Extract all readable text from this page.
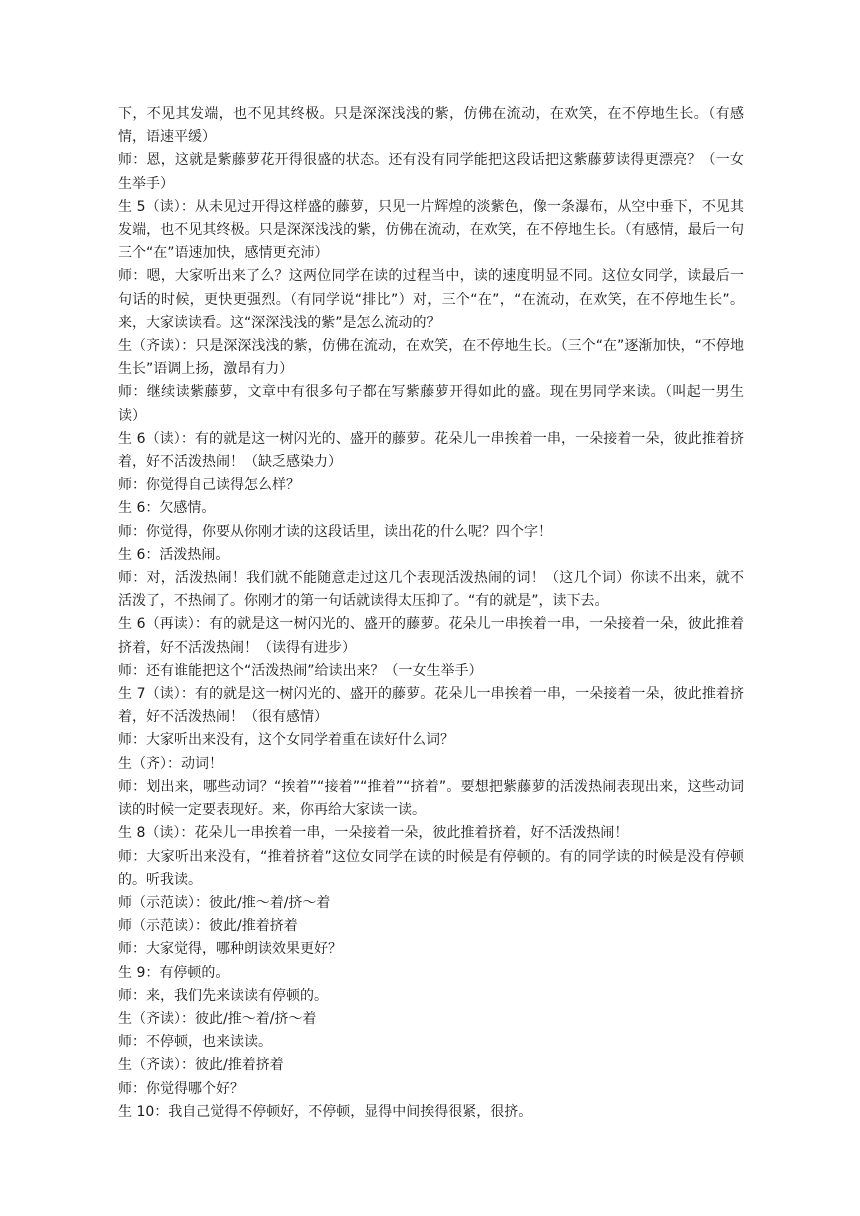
下，不见其发端，也不见其终极。只是深深浅浅的紫，仿佛在流动，在欢笑，在不停地生长。（有感情，语速平缓）

师：恩，这就是紫藤萝花开得很盛的状态。还有没有同学能把这段话把这紫藤萝读得更漂亮？（一女生举手）

生 5（读）：从未见过开得这样盛的藤萝，只见一片辉煌的淡紫色，像一条瀑布，从空中垂下，不见其发端，也不见其终极。只是深深浅浅的紫，仿佛在流动，在欢笑，在不停地生长。（有感情，最后一句三个“在”语速加快，感情更充沛）

师：嗯，大家听出来了么？这两位同学在读的过程当中，读的速度明显不同。这位女同学，读最后一句话的时候，更快更强烈。（有同学说“排比”）对，三个“在”，“在流动，在欢笑，在不停地生长”。来，大家读读看。这“深深浅浅的紫”是怎么流动的？

生（齐读）：只是深深浅浅的紫，仿佛在流动，在欢笑，在不停地生长。（三个“在”逐渐加快，“不停地生长”语调上扬，激昂有力）

师：继续读紫藤萝，文章中有很多句子都在写紫藤萝开得如此的盛。现在男同学来读。（叫起一男生读）

生 6（读）：有的就是这一树闪光的、盛开的藤萝。花朵儿一串挨着一串，一朵接着一朵，彼此推着挤着，好不活泼热闹！（缺乏感染力）

师：你觉得自己读得怎么样？

生 6：欠感情。

师：你觉得，你要从你刚才读的这段话里，读出花的什么呢？四个字！

生 6：活泼热闹。

师：对，活泼热闹！我们就不能随意走过这几个表现活泼热闹的词！（这几个词）你读不出来，就不活泼了，不热闹了。你刚才的第一句话就读得太压抑了。“有的就是”，读下去。

生 6（再读）：有的就是这一树闪光的、盛开的藤萝。花朵儿一串挨着一串，一朵接着一朵，彼此推着挤着，好不活泼热闹！（读得有进步）

师：还有谁能把这个“活泼热闹”给读出来？（一女生举手）

生 7（读）：有的就是这一树闪光的、盛开的藤萝。花朵儿一串挨着一串，一朵接着一朵，彼此推着挤着，好不活泼热闹！（很有感情）

师：大家听出来没有，这个女同学着重在读好什么词？

生（齐）：动词！

师：划出来，哪些动词？“挨着”“接着”“推着”“挤着”。要想把紫藤萝的活泼热闹表现出来，这些动词读的时候一定要表现好。来，你再给大家读一读。

生 8（读）：花朵儿一串挨着一串，一朵接着一朵，彼此推着挤着，好不活泼热闹！

师：大家听出来没有，“推着挤着”这位女同学在读的时候是有停顿的。有的同学读的时候是没有停顿的。听我读。

师（示范读）：彼此/推～着/挤～着

师（示范读）：彼此/推着挤着

师：大家觉得，哪种朗读效果更好？

生 9：有停顿的。

师：来，我们先来读读有停顿的。

生（齐读）：彼此/推～着/挤～着

师：不停顿，也来读读。

生（齐读）：彼此/推着挤着

师：你觉得哪个好？

生 10：我自己觉得不停顿好，不停顿，显得中间挨得很紧，很挤。
